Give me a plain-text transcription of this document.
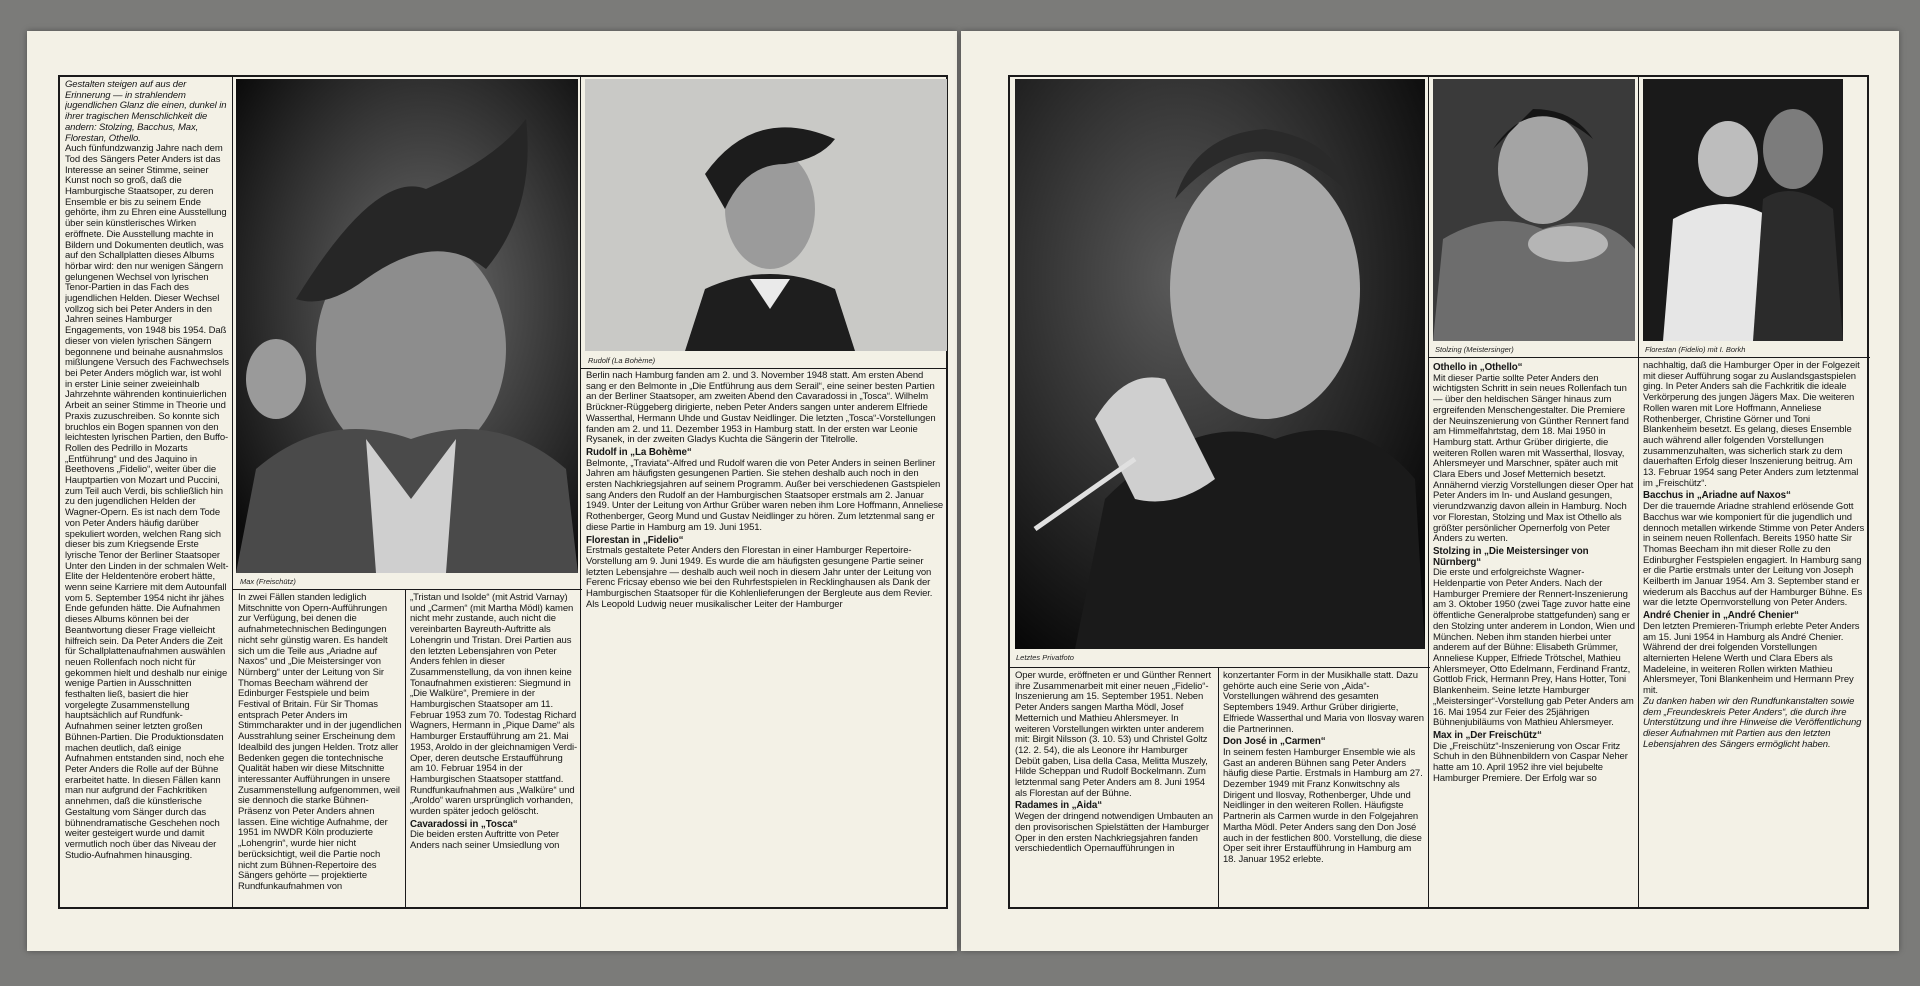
Gestalten steigen auf aus der Erinnerung — in strahlendem jugendlichen Glanz die einen, dunkel in ihrer tragischen Menschlichkeit die andern: Stolzing, Bacchus, Max, Florestan, Othello.

Auch fünfundzwanzig Jahre nach dem Tod des Sängers Peter Anders ist das Interesse an seiner Stimme, seiner Kunst noch so groß, daß die Hamburgische Staatsoper, zu deren Ensemble er bis zu seinem Ende gehörte, ihm zu Ehren eine Ausstellung über sein künstlerisches Wirken eröffnete. Die Ausstellung machte in Bildern und Dokumenten deutlich, was auf den Schallplatten dieses Albums hörbar wird: den nur wenigen Sängern gelungenen Wechsel von lyrischen Tenor-Partien in das Fach des jugendlichen Helden. Dieser Wechsel vollzog sich bei Peter Anders in den Jahren seines Hamburger Engagements, von 1948 bis 1954. Daß dieser von vielen lyrischen Sängern begonnene und beinahe ausnahmslos mißlungene Versuch des Fachwechsels bei Peter Anders möglich war, ist wohl in erster Linie seiner zweieinhalb Jahrzehnte währenden kontinuierlichen Arbeit an seiner Stimme in Theorie und Praxis zuzuschreiben. So konnte sich bruchlos ein Bogen spannen von den leichtesten lyrischen Partien, den Buffo-Rollen des Pedrillo in Mozarts „Entführung“ und des Jaquino in Beethovens „Fidelio“, weiter über die Hauptpartien von Mozart und Puccini, zum Teil auch Verdi, bis schließlich hin zu den jugendlichen Helden der Wagner-Opern. Es ist nach dem Tode von Peter Anders häufig darüber spekuliert worden, welchen Rang sich dieser bis zum Kriegsende Erste lyrische Tenor der Berliner Staatsoper Unter den Linden in der schmalen Welt-Elite der Heldentenöre erobert hätte, wenn seine Karriere mit dem Autounfall vom 5. September 1954 nicht ihr jähes Ende gefunden hätte. Die Aufnahmen dieses Albums können bei der Beantwortung dieser Frage vielleicht hilfreich sein. Da Peter Anders die Zeit für Schallplattenaufnahmen auswählen neuen Rollenfach noch nicht für gekommen hielt und deshalb nur einige wenige Partien in Ausschnitten festhalten ließ, basiert die hier vorgelegte Zusammenstellung hauptsächlich auf Rundfunk-Aufnahmen seiner letzten großen Bühnen-Partien. Die Produktionsdaten machen deutlich, daß einige Aufnahmen entstanden sind, noch ehe Peter Anders die Rolle auf der Bühne erarbeitet hatte. In diesen Fällen kann man nur aufgrund der Fachkritiken annehmen, daß die künstlerische Gestaltung vom Sänger durch das bühnendramatische Geschehen noch weiter gesteigert wurde und damit vermutlich noch über das Niveau der Studio-Aufnahmen hinausging.

Max (Freischütz)
Rudolf (La Bohème)

Berlin nach Hamburg fanden am 2. und 3. November 1948 statt. Am ersten Abend sang er den Belmonte in „Die Entführung aus dem Serail“, eine seiner besten Partien an der Berliner Staatsoper, am zweiten Abend den Cavaradossi in „Tosca“. Wilhelm Brückner-Rüggeberg dirigierte, neben Peter Anders sangen unter anderem Elfriede Wasserthal, Hermann Uhde und Gustav Neidlinger. Die letzten „Tosca“-Vorstellungen fanden am 2. und 11. Dezember 1953 in Hamburg statt. In der ersten war Leonie Rysanek, in der zweiten Gladys Kuchta die Sängerin der Titelrolle.

Rudolf in „La Bohème“

Belmonte, „Traviata“-Alfred und Rudolf waren die von Peter Anders in seinen Berliner Jahren am häufigsten gesungenen Partien. Sie stehen deshalb auch noch in den ersten Nachkriegsjahren auf seinem Programm. Außer bei verschiedenen Gastspielen sang Anders den Rudolf an der Hamburgischen Staatsoper erstmals am 2. Januar 1949. Unter der Leitung von Arthur Grüber waren neben ihm Lore Hoffmann, Anneliese Rothenberger, Georg Mund und Gustav Neidlinger zu hören. Zum letztenmal sang er diese Partie in Hamburg am 19. Juni 1951.

Florestan in „Fidelio“

Erstmals gestaltete Peter Anders den Florestan in einer Hamburger Repertoire-Vorstellung am 9. Juni 1949. Es wurde die am häufigsten gesungene Partie seiner letzten Lebensjahre — deshalb auch weil noch in diesem Jahr unter der Leitung von Ferenc Fricsay ebenso wie bei den Ruhrfestspielen in Recklinghausen als Dank der Hamburgischen Staatsoper für die Kohlenlieferungen der Bergleute aus dem Revier. Als Leopold Ludwig neuer musikalischer Leiter der Hamburger

In zwei Fällen standen lediglich Mitschnitte von Opern-Aufführungen zur Verfügung, bei denen die aufnahmetechnischen Bedingungen nicht sehr günstig waren. Es handelt sich um die Teile aus „Ariadne auf Naxos“ und „Die Meistersinger von Nürnberg“ unter der Leitung von Sir Thomas Beecham während der Edinburger Festspiele und beim Festival of Britain. Für Sir Thomas entsprach Peter Anders im Stimmcharakter und in der jugendlichen Ausstrahlung seiner Erscheinung dem Idealbild des jungen Helden. Trotz aller Bedenken gegen die tontechnische Qualität haben wir diese Mitschnitte interessanter Aufführungen in unsere Zusammenstellung aufgenommen, weil sie dennoch die starke Bühnen-Präsenz von Peter Anders ahnen lassen. Eine wichtige Aufnahme, der 1951 im NWDR Köln produzierte „Lohengrin“, wurde hier nicht berücksichtigt, weil die Partie noch nicht zum Bühnen-Repertoire des Sängers gehörte — projektierte Rundfunkaufnahmen von

„Tristan und Isolde“ (mit Astrid Varnay) und „Carmen“ (mit Martha Mödl) kamen nicht mehr zustande, auch nicht die vereinbarten Bayreuth-Auftritte als Lohengrin und Tristan. Drei Partien aus den letzten Lebensjahren von Peter Anders fehlen in dieser Zusammenstellung, da von ihnen keine Tonaufnahmen existieren: Siegmund in „Die Walküre“, Premiere in der Hamburgischen Staatsoper am 11. Februar 1953 zum 70. Todestag Richard Wagners, Hermann in „Pique Dame“ als Hamburger Erstaufführung am 21. Mai 1953, Aroldo in der gleichnamigen Verdi-Oper, deren deutsche Erstaufführung am 10. Februar 1954 in der Hamburgischen Staatsoper stattfand. Rundfunkaufnahmen aus „Walküre“ und „Aroldo“ waren ursprünglich vorhanden, wurden später jedoch gelöscht.

Cavaradossi in „Tosca“

Die beiden ersten Auftritte von Peter Anders nach seiner Umsiedlung von

Letztes Privatfoto
Stolzing (Meistersinger)	Florestan (Fidelio) mit I. Borkh

Oper wurde, eröffneten er und Günther Rennert ihre Zusammenarbeit mit einer neuen „Fidelio“-Inszenierung am 15. September 1951. Neben Peter Anders sangen Martha Mödl, Josef Metternich und Mathieu Ahlersmeyer. In weiteren Vorstellungen wirkten unter anderem mit: Birgit Nilsson (3. 10. 53) und Christel Goltz (12. 2. 54), die als Leonore ihr Hamburger Debüt gaben, Lisa della Casa, Melitta Muszely, Hilde Scheppan und Rudolf Bockelmann. Zum letztenmal sang Peter Anders am 8. Juni 1954 als Florestan auf der Bühne.

Radames in „Aida“

Wegen der dringend notwendigen Umbauten an den provisorischen Spielstätten der Hamburger Oper in den ersten Nachkriegsjahren fanden verschiedentlich Opernaufführungen in

konzertanter Form in der Musikhalle statt. Dazu gehörte auch eine Serie von „Aida“-Vorstellungen während des gesamten Septembers 1949. Arthur Grüber dirigierte, Elfriede Wasserthal und Maria von Ilosvay waren die Partnerinnen.

Don José in „Carmen“

In seinem festen Hamburger Ensemble wie als Gast an anderen Bühnen sang Peter Anders häufig diese Partie. Erstmals in Hamburg am 27. Dezember 1949 mit Franz Konwitschny als Dirigent und Ilosvay, Rothenberger, Uhde und Neidlinger in den weiteren Rollen. Häufigste Partnerin als Carmen wurde in den Folgejahren Martha Mödl. Peter Anders sang den Don José auch in der festlichen 800. Vorstellung, die diese Oper seit ihrer Erstaufführung in Hamburg am 18. Januar 1952 erlebte.

Othello in „Othello“

Mit dieser Partie sollte Peter Anders den wichtigsten Schritt in sein neues Rollenfach tun — über den heldischen Sänger hinaus zum ergreifenden Menschengestalter. Die Premiere der Neuinszenierung von Günther Rennert fand am Himmelfahrtstag, dem 18. Mai 1950 in Hamburg statt. Arthur Grüber dirigierte, die weiteren Rollen waren mit Wasserthal, Ilosvay, Ahlersmeyer und Marschner, später auch mit Clara Ebers und Josef Metternich besetzt. Annähernd vierzig Vorstellungen dieser Oper hat Peter Anders im In- und Ausland gesungen, vierundzwanzig davon allein in Hamburg. Noch vor Florestan, Stolzing und Max ist Othello als größter persönlicher Opernerfolg von Peter Anders zu werten.

Stolzing in „Die Meistersinger von Nürnberg“

Die erste und erfolgreichste Wagner-Heldenpartie von Peter Anders. Nach der Hamburger Premiere der Rennert-Inszenierung am 3. Oktober 1950 (zwei Tage zuvor hatte eine öffentliche Generalprobe stattgefunden) sang er den Stolzing unter anderem in London, Wien und München. Neben ihm standen hierbei unter anderem auf der Bühne: Elisabeth Grümmer, Anneliese Kupper, Elfriede Trötschel, Mathieu Ahlersmeyer, Otto Edelmann, Ferdinand Frantz, Gottlob Frick, Hermann Prey, Hans Hotter, Toni Blankenheim. Seine letzte Hamburger „Meistersinger“-Vorstellung gab Peter Anders am 16. Mai 1954 zur Feier des 25jährigen Bühnenjubiläums von Mathieu Ahlersmeyer.

Max in „Der Freischütz“

Die „Freischütz“-Inszenierung von Oscar Fritz Schuh in den Bühnenbildern von Caspar Neher hatte am 10. April 1952 ihre viel bejubelte Hamburger Premiere. Der Erfolg war so

nachhaltig, daß die Hamburger Oper in der Folgezeit mit dieser Aufführung sogar zu Auslandsgastspielen ging. In Peter Anders sah die Fachkritik die ideale Verkörperung des jungen Jägers Max. Die weiteren Rollen waren mit Lore Hoffmann, Anneliese Rothenberger, Christine Görner und Toni Blankenheim besetzt. Es gelang, dieses Ensemble auch während aller folgenden Vorstellungen zusammenzuhalten, was sicherlich stark zu dem dauerhaften Erfolg dieser Inszenierung beitrug. Am 13. Februar 1954 sang Peter Anders zum letztenmal im „Freischütz“.

Bacchus in „Ariadne auf Naxos“

Der die trauernde Ariadne strahlend erlösende Gott Bacchus war wie komponiert für die jugendlich und dennoch metallen wirkende Stimme von Peter Anders in seinem neuen Rollenfach. Bereits 1950 hatte Sir Thomas Beecham ihn mit dieser Rolle zu den Edinburgher Festspielen engagiert. In Hamburg sang er die Partie erstmals unter der Leitung von Joseph Keilberth im Januar 1954. Am 3. September stand er wiederum als Bacchus auf der Hamburger Bühne. Es war die letzte Opernvorstellung von Peter Anders.

André Chenier in „André Chenier“

Den letzten Premieren-Triumph erlebte Peter Anders am 15. Juni 1954 in Hamburg als André Chenier. Während der drei folgenden Vorstellungen alternierten Helene Werth und Clara Ebers als Madeleine, in weiteren Rollen wirkten Mathieu Ahlersmeyer, Toni Blankenheim und Hermann Prey mit.

Zu danken haben wir den Rundfunkanstalten sowie dem „Freundeskreis Peter Anders“, die durch ihre Unterstützung und ihre Hinweise die Veröffentlichung dieser Aufnahmen mit Partien aus den letzten Lebensjahren des Sängers ermöglicht haben.
